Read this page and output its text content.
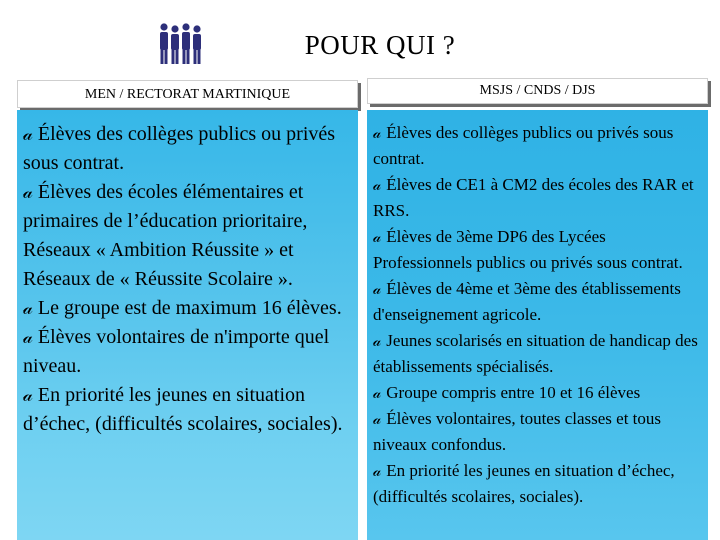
POUR QUI ?
MEN / RECTORAT MARTINIQUE	MSJS / CNDS / DJS
𝒶 Élèves des collèges publics ou privés sous contrat.
𝒶 Élèves des écoles élémentaires et primaires de l’éducation prioritaire, Réseaux « Ambition Réussite » et Réseaux de « Réussite Scolaire ».
𝒶 Le groupe est de maximum 16 élèves.
𝒶 Élèves volontaires de n'importe quel niveau.
𝒶 En priorité les jeunes en situation d’échec, (difficultés scolaires, sociales).
𝒶 Élèves des collèges publics ou privés sous contrat.
𝒶 Élèves de CE1 à CM2 des écoles des RAR et RRS.
𝒶 Élèves de 3ème DP6 des Lycées Professionnels publics ou privés sous contrat.
𝒶 Élèves de 4ème et 3ème des établissements d'enseignement agricole.
𝒶 Jeunes scolarisés en situation de handicap des établissements spécialisés.
𝒶 Groupe compris entre 10 et 16 élèves
𝒶 Élèves volontaires, toutes classes et tous niveaux confondus.
𝒶 En priorité les jeunes en situation d’échec, (difficultés scolaires, sociales).
